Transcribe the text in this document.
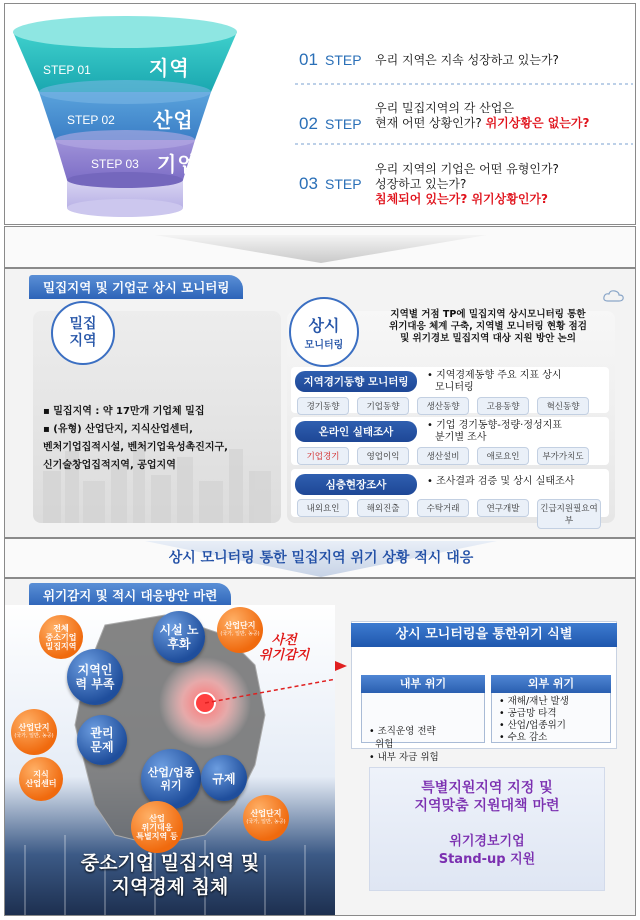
STEP 01	지역
STEP 02 산업
STEP 03 기업
01 STEP 우리 지역은 지속 성장하고 있는가?
02 STEP
우리 밀집지역의 각 산업은
현재 어떤 상황인가? 위기상황은 없는가?
03 STEP
우리 지역의 기업은 어떤 유형인가?
성장하고 있는가?
침체되어 있는가? 위기상황인가?
밀집지역 및 기업군 상시 모니터링
밀집
지역
▪ 밀집지역 : 약 17만개 기업체 밀집
▪ (유형) 산업단지, 지식산업센터,
벤처기업집적시설, 벤처기업육성촉진지구,
신기술창업집적지역, 공업지역
상시
모니터링
지역별 거점 TP에 밀집지역 상시모니터링 통한
위기대응 체계 구축, 지역별 모니터링 현황 점검
및 위기경보 밀집지역 대상 지원 방안 논의
지역경기동향 모니터링
• 지역경제동향 주요 지표 상시
모니터링
경기동향	기업동향	생산동향	고용동향	혁신동향
온라인 실태조사
• 기업 경기동향-정량·정성지표
분기별 조사
기업경기	영업이익	생산설비	애로요인	부가가치도
심층현장조사	• 조사결과 검증 및 상시 실태조사
내외요인	해외진출	수탁거래	연구개발	긴급지원필요여부
상시 모니터링 통한 밀집지역 위기 상황 적시 대응
위기감지 및 적시 대응방안 마련
시설 노후화
지역인력 부족
관리 문제
산업/업종 위기	규제
전체
중소기업
밀집지역
산업단지
(국가, 일반, 농공)
산업단지
(국가, 일반, 농공)
지식
산업센터
산업
위기대응
특별지역 등
산업단지
(국가, 일반, 농공)
사전
위기감지
중소기업 밀집지역 및
지역경제 침체
상시 모니터링을 통한위기 식별
내부 위기

• 조직운영 전략
위험
• 내부 자금 위험

외부 위기
• 재해/재난 발생
• 공급망 타격
• 산업/업종위기
• 수요 감소
특별지원지역 지정 및
지역맞춤 지원대책 마련
위기경보기업
Stand-up 지원
